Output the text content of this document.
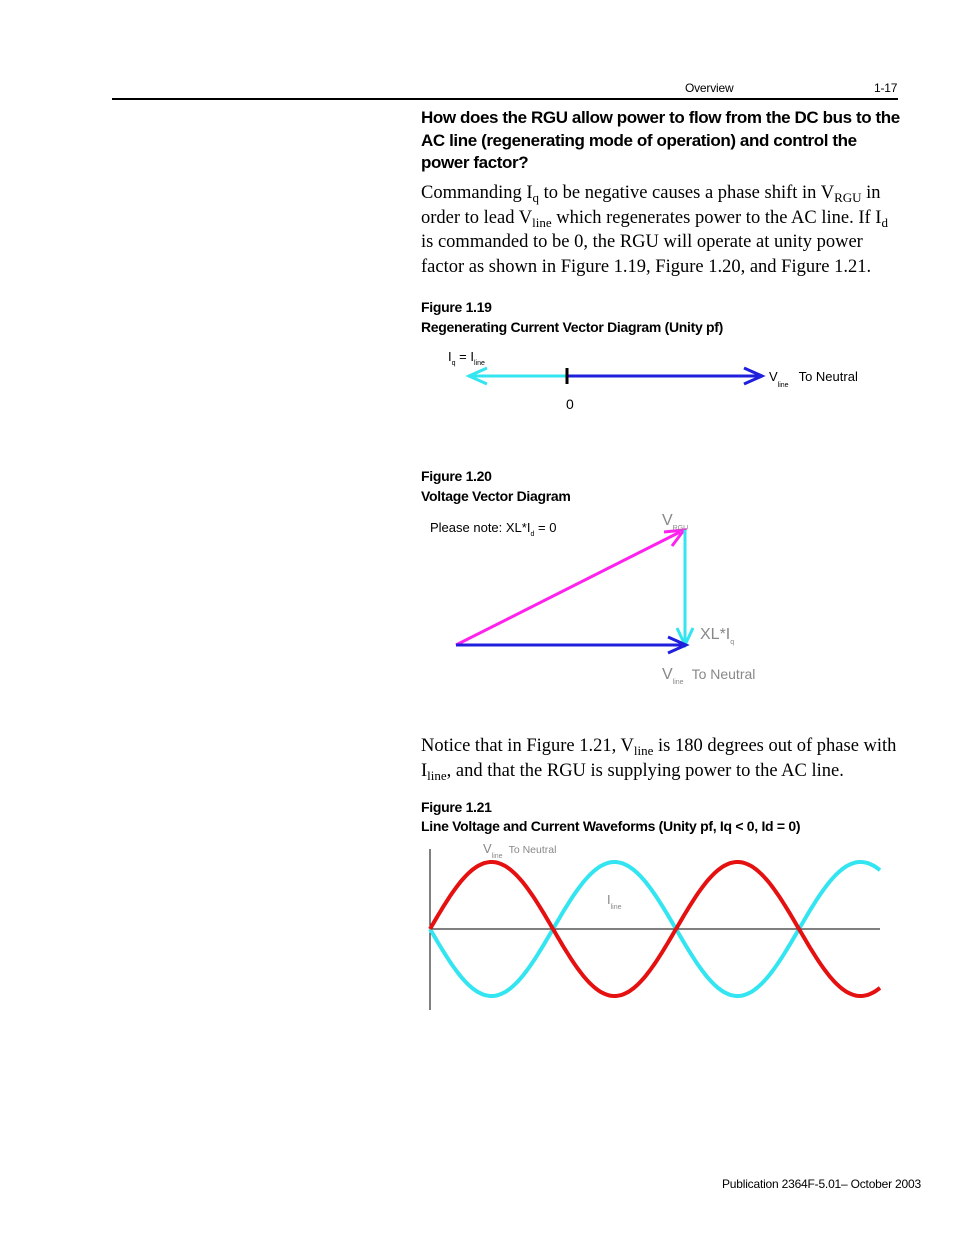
Overview	1-17
How does the RGU allow power to flow from the DC bus to the AC line (regenerating mode of operation) and control the power factor?
Commanding $I_q$ to be negative causes a phase shift in $V_{RGU}$ in order to lead $V_{line}$ which regenerates power to the AC line. If $I_d$ is commanded to be 0, the RGU will operate at unity power factor as shown in Figure 1.19, Figure 1.20, and Figure 1.21.
Figure 1.19
Regenerating Current Vector Diagram (Unity pf)
$I_q = I_{line}$
0
$V_{line}To$ Neutral
Please note: $XL*I_d = 0$	$V_{RGU}$
$XL*I_q$
$V_{line}To$ Neutral
$V_{line}^{To Neutral}$
$I_{line}$
Figure 1.20
Voltage Vector Diagram
Notice that in Figure 1.21, $V_{line}$ is 180 degrees out of phase with $I_{line}$, and that the RGU is supplying power to the AC line.
Figure 1.21
Line Voltage and Current Waveforms (Unity pf, Iq < 0, Id = 0)
Publication 2364F-5.01– October 2003
